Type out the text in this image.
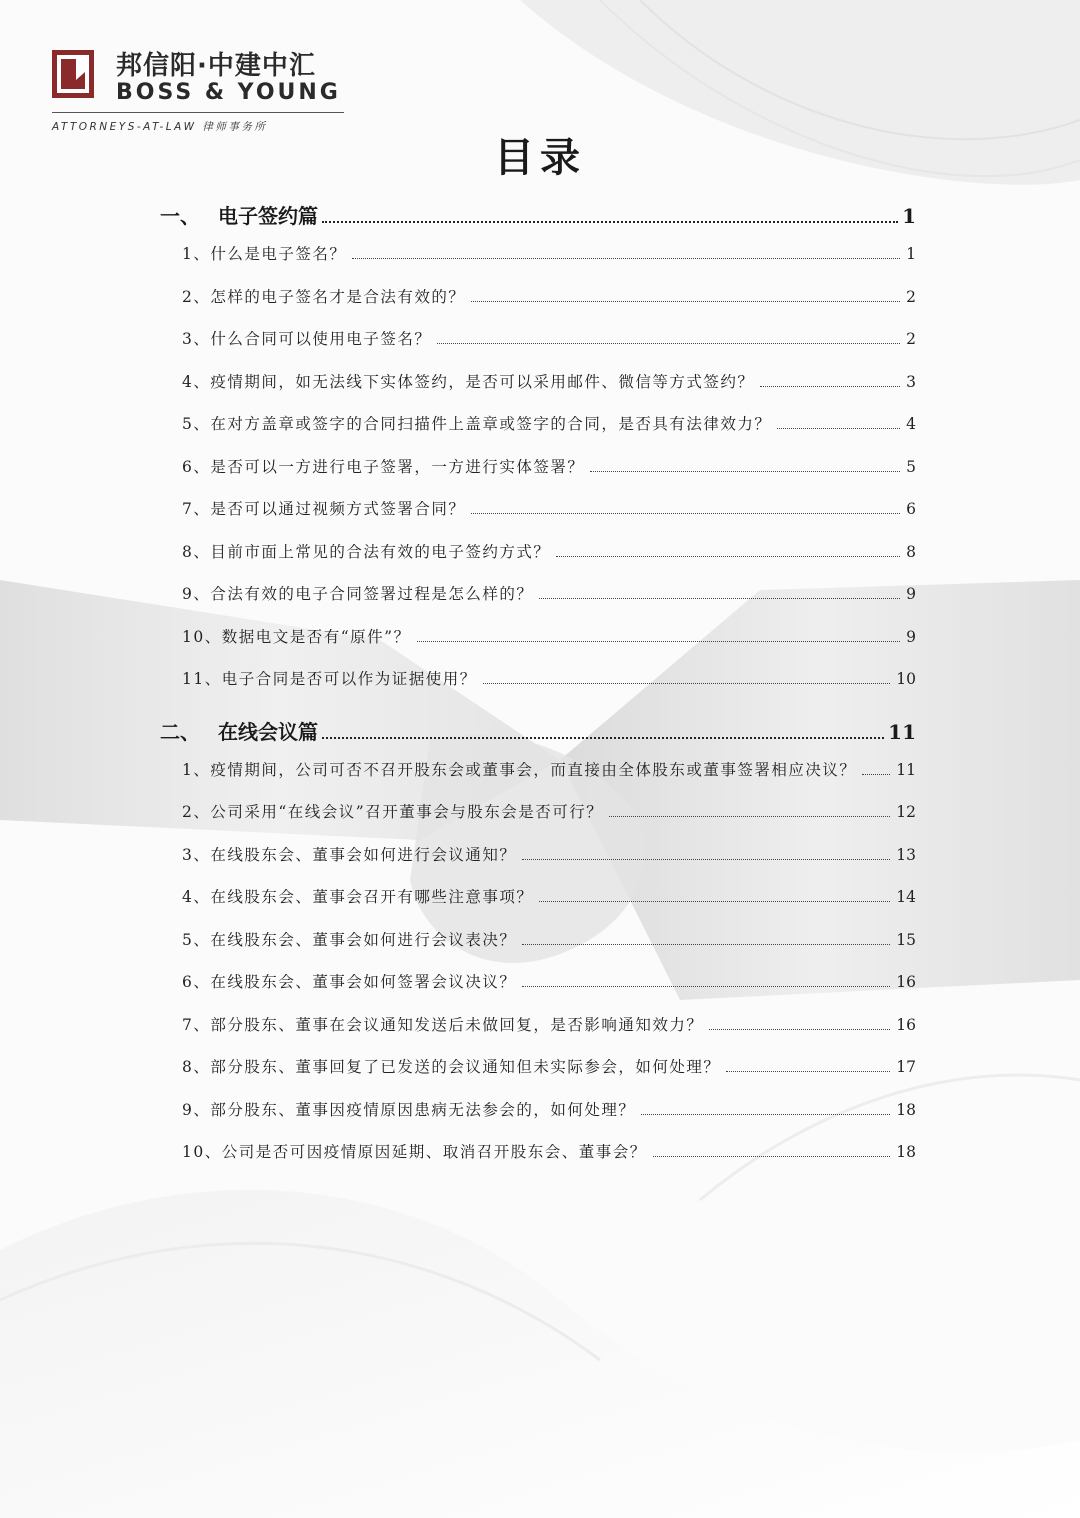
邦信阳·中建中汇
BOSS & YOUNG
ATTORNEYS-AT-LAW 律师事务所
目录
一、 电子签约篇	1
1、什么是电子签名？	1
2、怎样的电子签名才是合法有效的？	2
3、什么合同可以使用电子签名？	2
4、疫情期间，如无法线下实体签约，是否可以采用邮件、微信等方式签约？	3
5、在对方盖章或签字的合同扫描件上盖章或签字的合同，是否具有法律效力？	4
6、是否可以一方进行电子签署，一方进行实体签署？	5
7、是否可以通过视频方式签署合同？	6
8、目前市面上常见的合法有效的电子签约方式？	8
9、合法有效的电子合同签署过程是怎么样的？	9
10、数据电文是否有“原件”？	9
11、电子合同是否可以作为证据使用？	10
二、 在线会议篇	11
1、疫情期间，公司可否不召开股东会或董事会，而直接由全体股东或董事签署相应决议？	11
2、公司采用“在线会议”召开董事会与股东会是否可行？	12
3、在线股东会、董事会如何进行会议通知？	13
4、在线股东会、董事会召开有哪些注意事项？	14
5、在线股东会、董事会如何进行会议表决？	15
6、在线股东会、董事会如何签署会议决议？	16
7、部分股东、董事在会议通知发送后未做回复，是否影响通知效力？	16
8、部分股东、董事回复了已发送的会议通知但未实际参会，如何处理？	17
9、部分股东、董事因疫情原因患病无法参会的，如何处理？	18
10、公司是否可因疫情原因延期、取消召开股东会、董事会？	18
